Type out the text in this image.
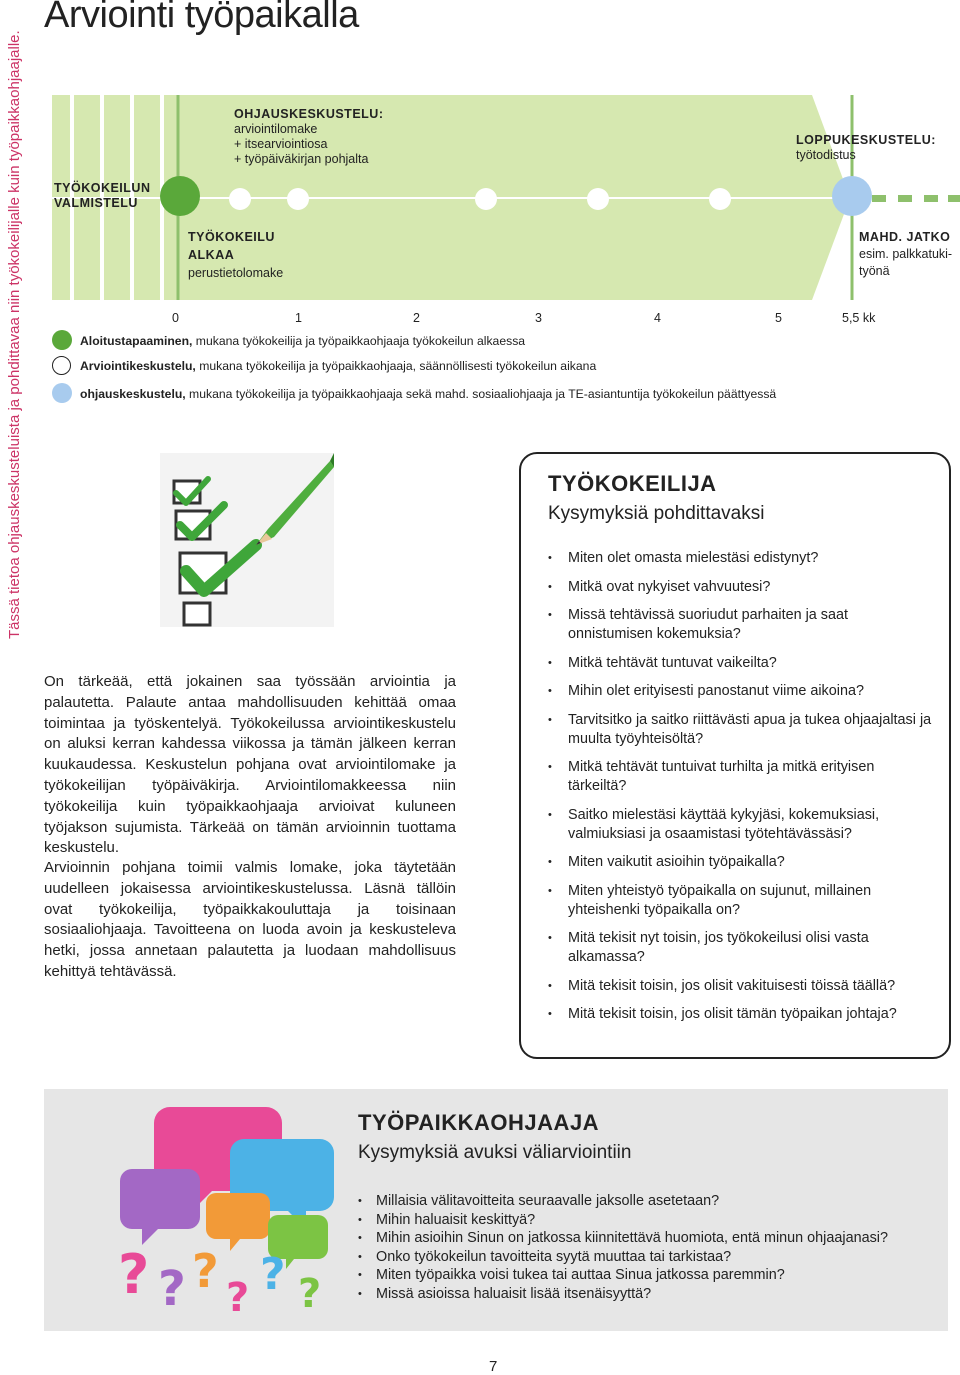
Tässä tietoa ohjauskeskusteluista ja pohdittavaa niin työkokeilijalle kuin työpaikkaohjaajalle.
Arviointi työpaikalla
TYÖKOKEILUN VALMISTELU
OHJAUSKESKUSTELU:
arviointilomake
+ itsearviointiosa
+ työpäiväkirjan pohjalta
TYÖKOKEILU
ALKAA
perustietolomake
LOPPUKESKUSTELU:
työtodistus
MAHD. JATKO
esim. palkkatuki-
työnä
0	1	2	3	4	5	5,5 kk
Aloitustapaaminen, mukana työkokeilija ja työpaikkaohjaaja työkokeilun alkaessa
Arviointikeskustelu, mukana työkokeilija ja työpaikkaohjaaja, säännöllisesti työkokeilun aikana
ohjauskeskustelu, mukana työkokeilija ja työpaikkaohjaaja sekä mahd. sosiaaliohjaaja ja TE-asiantuntija työkokeilun päättyessä
On tärkeää, että jokainen saa työssään arviointia ja palautetta. Palaute antaa mahdollisuuden kehittää omaa toimintaa ja työskentelyä. Työkokeilussa arviointikeskustelu on aluksi kerran kahdessa viikossa ja tämän jälkeen kerran kuukaudessa. Keskustelun pohjana ovat arviointilomake ja työkokeilijan työpäiväkirja. Arviointilomakkeessa niin työkokeilija kuin työpaikkaohjaaja arvioivat kuluneen työjakson sujumista. Tärkeää on tämän arvioinnin tuottama keskustelu.
Arvioinnin pohjana toimii valmis lomake, joka täytetään uudelleen jokaisessa arviointikeskustelussa. Läsnä tällöin ovat työkokeilija, työpaikkakouluttaja ja toisinaan sosiaaliohjaaja. Tavoitteena on luoda avoin ja keskusteleva hetki, jossa annetaan palautetta ja luodaan mahdollisuus kehittyä tehtävässä.
TYÖKOKEILIJA
Kysymyksiä pohdittavaksi
• Miten olet omasta mielestäsi edistynyt?
• Mitkä ovat nykyiset vahvuutesi?
• Missä tehtävissä suoriudut parhaiten ja saat onnistumisen kokemuksia?
• Mitkä tehtävät tuntuvat vaikeilta?
• Mihin olet erityisesti panostanut viime aikoina?
• Tarvitsitko ja saitko riittävästi apua ja tukea ohjaajaltasi ja muulta työyhteisöltä?
• Mitkä tehtävät tuntuivat turhilta ja mitkä erityisen tärkeiltä?
• Saitko mielestäsi käyttää kykyjäsi, kokemuksiasi, valmiuksiasi ja osaamistasi työtehtävässäsi?
• Miten vaikutit asioihin työpaikalla?
• Miten yhteistyö työpaikalla on sujunut, millainen yhteishenki työpaikalla on?
• Mitä tekisit nyt toisin, jos työkokeilusi olisi vasta alkamassa?
• Mitä tekisit toisin, jos olisit vakituisesti töissä täällä?
• Mitä tekisit toisin, jos olisit tämän työpaikan johtaja?
? ? ? ? ? ?
TYÖPAIKKAOHJAAJA
Kysymyksiä avuksi väliarviointiin
• Millaisia välitavoitteita seuraavalle jaksolle asetetaan?
• Mihin haluaisit keskittyä?
• Mihin asioihin Sinun on jatkossa kiinnitettävä huomiota, entä minun ohjaajanasi?
• Onko työkokeilun tavoitteita syytä muuttaa tai tarkistaa?
• Miten työpaikka voisi tukea tai auttaa Sinua jatkossa paremmin?
• Missä asioissa haluaisit lisää itsenäisyyttä?
7
